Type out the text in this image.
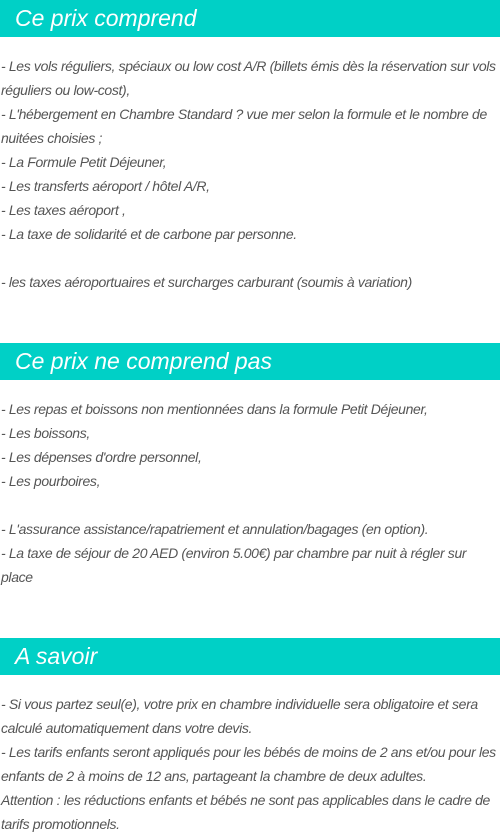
Ce prix comprend
- Les vols réguliers, spéciaux ou low cost A/R (billets émis dès la réservation sur vols réguliers ou low-cost),
- L'hébergement en Chambre Standard ? vue mer selon la formule et le nombre de nuitées choisies ;
- La Formule Petit Déjeuner,
- Les transferts aéroport / hôtel A/R,
- Les taxes aéroport ,
- La taxe de solidarité et de carbone par personne.
- les taxes aéroportuaires et surcharges carburant (soumis à variation)
Ce prix ne comprend pas
- Les repas et boissons non mentionnées dans la formule Petit Déjeuner,
- Les boissons,
- Les dépenses d'ordre personnel,
- Les pourboires,
- L'assurance assistance/rapatriement et annulation/bagages (en option).
- La taxe de séjour de 20 AED (environ 5.00€) par chambre par nuit à régler sur place
A savoir
- Si vous partez seul(e), votre prix en chambre individuelle sera obligatoire et sera calculé automatiquement dans votre devis.
- Les tarifs enfants seront appliqués pour les bébés de moins de 2 ans et/ou pour les enfants de 2 à moins de 12 ans, partageant la chambre de deux adultes.
Attention : les réductions enfants et bébés ne sont pas applicables dans le cadre de tarifs promotionnels.
